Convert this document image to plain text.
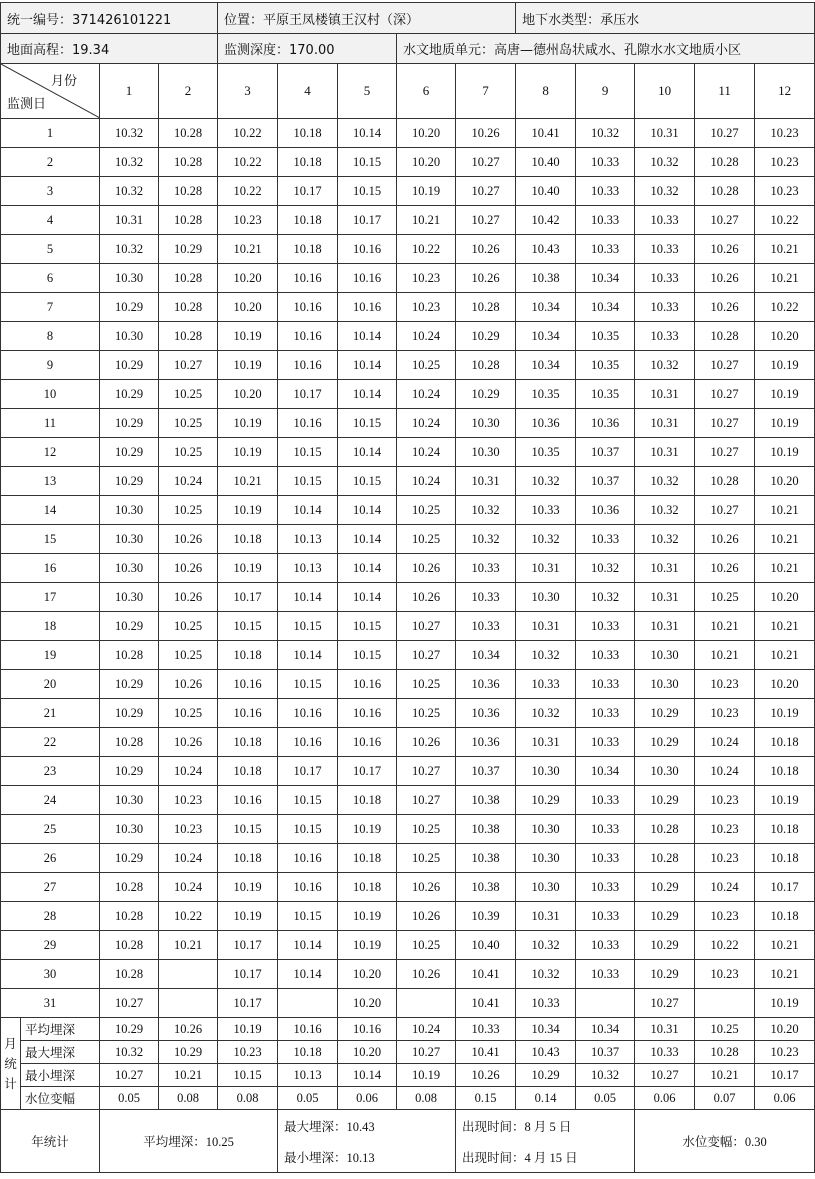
统一编号：371426101221				位置：平原王凤楼镇王汉村（深）					地下水类型：承压水				
地面高程：19.34				监测深度：170.00			水文地质单元：高唐—德州岛状咸水、孔隙水水文地质小区						

月份
监测日		1	2	3	4	5	6	7	8	9	10	11	12
1		10.32	10.28	10.22	10.18	10.14	10.20	10.26	10.41	10.32	10.31	10.27	10.23
2		10.32	10.28	10.22	10.18	10.15	10.20	10.27	10.40	10.33	10.32	10.28	10.23
3		10.32	10.28	10.22	10.17	10.15	10.19	10.27	10.40	10.33	10.32	10.28	10.23
4		10.31	10.28	10.23	10.18	10.17	10.21	10.27	10.42	10.33	10.33	10.27	10.22
5		10.32	10.29	10.21	10.18	10.16	10.22	10.26	10.43	10.33	10.33	10.26	10.21
6		10.30	10.28	10.20	10.16	10.16	10.23	10.26	10.38	10.34	10.33	10.26	10.21
7		10.29	10.28	10.20	10.16	10.16	10.23	10.28	10.34	10.34	10.33	10.26	10.22
8		10.30	10.28	10.19	10.16	10.14	10.24	10.29	10.34	10.35	10.33	10.28	10.20
9		10.29	10.27	10.19	10.16	10.14	10.25	10.28	10.34	10.35	10.32	10.27	10.19
10		10.29	10.25	10.20	10.17	10.14	10.24	10.29	10.35	10.35	10.31	10.27	10.19
11		10.29	10.25	10.19	10.16	10.15	10.24	10.30	10.36	10.36	10.31	10.27	10.19
12		10.29	10.25	10.19	10.15	10.14	10.24	10.30	10.35	10.37	10.31	10.27	10.19
13		10.29	10.24	10.21	10.15	10.15	10.24	10.31	10.32	10.37	10.32	10.28	10.20
14		10.30	10.25	10.19	10.14	10.14	10.25	10.32	10.33	10.36	10.32	10.27	10.21
15		10.30	10.26	10.18	10.13	10.14	10.25	10.32	10.32	10.33	10.32	10.26	10.21
16		10.30	10.26	10.19	10.13	10.14	10.26	10.33	10.31	10.32	10.31	10.26	10.21
17		10.30	10.26	10.17	10.14	10.14	10.26	10.33	10.30	10.32	10.31	10.25	10.20
18		10.29	10.25	10.15	10.15	10.15	10.27	10.33	10.31	10.33	10.31	10.21	10.21
19		10.28	10.25	10.18	10.14	10.15	10.27	10.34	10.32	10.33	10.30	10.21	10.21
20		10.29	10.26	10.16	10.15	10.16	10.25	10.36	10.33	10.33	10.30	10.23	10.20
21		10.29	10.25	10.16	10.16	10.16	10.25	10.36	10.32	10.33	10.29	10.23	10.19
22		10.28	10.26	10.18	10.16	10.16	10.26	10.36	10.31	10.33	10.29	10.24	10.18
23		10.29	10.24	10.18	10.17	10.17	10.27	10.37	10.30	10.34	10.30	10.24	10.18
24		10.30	10.23	10.16	10.15	10.18	10.27	10.38	10.29	10.33	10.29	10.23	10.19
25		10.30	10.23	10.15	10.15	10.19	10.25	10.38	10.30	10.33	10.28	10.23	10.18
26		10.29	10.24	10.18	10.16	10.18	10.25	10.38	10.30	10.33	10.28	10.23	10.18
27		10.28	10.24	10.19	10.16	10.18	10.26	10.38	10.30	10.33	10.29	10.24	10.17
28		10.28	10.22	10.19	10.15	10.19	10.26	10.39	10.31	10.33	10.29	10.23	10.18
29		10.28	10.21	10.17	10.14	10.19	10.25	10.40	10.32	10.33	10.29	10.22	10.21
30		10.28		10.17	10.14	10.20	10.26	10.41	10.32	10.33	10.29	10.23	10.21
31		10.27		10.17		10.20		10.41	10.33		10.27		10.19

月
统
计	平均埋深	10.29	10.26	10.19	10.16	10.16	10.24	10.33	10.34	10.34	10.31	10.25	10.20
	最大埋深	10.32	10.29	10.23	10.18	10.20	10.27	10.41	10.43	10.37	10.33	10.28	10.23
	最小埋深	10.27	10.21	10.15	10.13	10.14	10.19	10.26	10.29	10.32	10.27	10.21	10.17
	水位变幅	0.05	0.08	0.08	0.05	0.06	0.08	0.15	0.14	0.05	0.06	0.07	0.06
年统计		平均埋深：10.25			最大埋深：10.43			出现时间：8 月 5 日			水位变幅：0.30		
					最小埋深：10.13			出现时间：4 月 15 日					
